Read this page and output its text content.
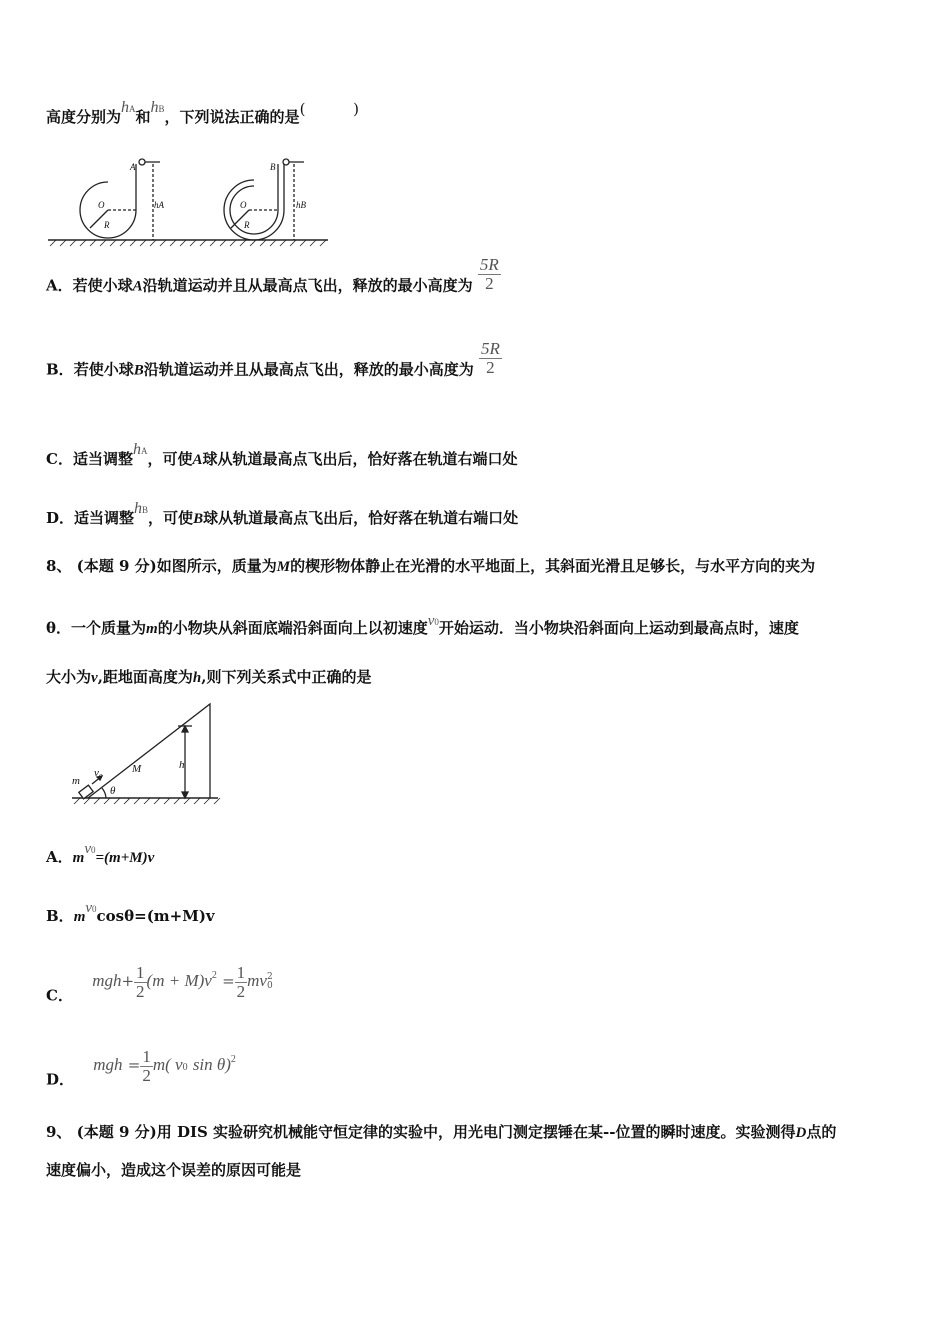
高度分别为hA和hB，下列说法正确的是(          )
A
O
R
hA
B
O
R
hB
A．若使小球A沿轨道运动并且从最高点飞出，释放的最小高度为 $\frac{5R}{2}$
B．若使小球B沿轨道运动并且从最高点飞出，释放的最小高度为 $\frac{5R}{2}$
C．适当调整hA，可使A球从轨道最高点飞出后，恰好落在轨道右端口处
D．适当调整hB，可使B球从轨道最高点飞出后，恰好落在轨道右端口处
8、 (本题 9 分)如图所示，质量为M的楔形物体静止在光滑的水平地面上，其斜面光滑且足够长，与水平方向的夹为
θ．一个质量为m的小物块从斜面底端沿斜面向上以初速度v0开始运动．当小物块沿斜面向上运动到最高点时，速度
大小为v,距地面高度为h,则下列关系式中正确的是
m
v₀	M	h
θ
A．mv0=(m+M)v
B．mv0cosθ=(m+M)v
C． $mgh+ \frac{1}{2} (m + M)v^2 = \frac{1}{2}$ mv 2
0
D． mgh = $\frac{1}{2} m$( v0 sin θ)$^2$
9、 (本题 9 分)用 DIS 实验研究机械能守恒定律的实验中，用光电门测定摆锤在某--位置的瞬时速度。实验测得D点的
速度偏小，造成这个误差的原因可能是
